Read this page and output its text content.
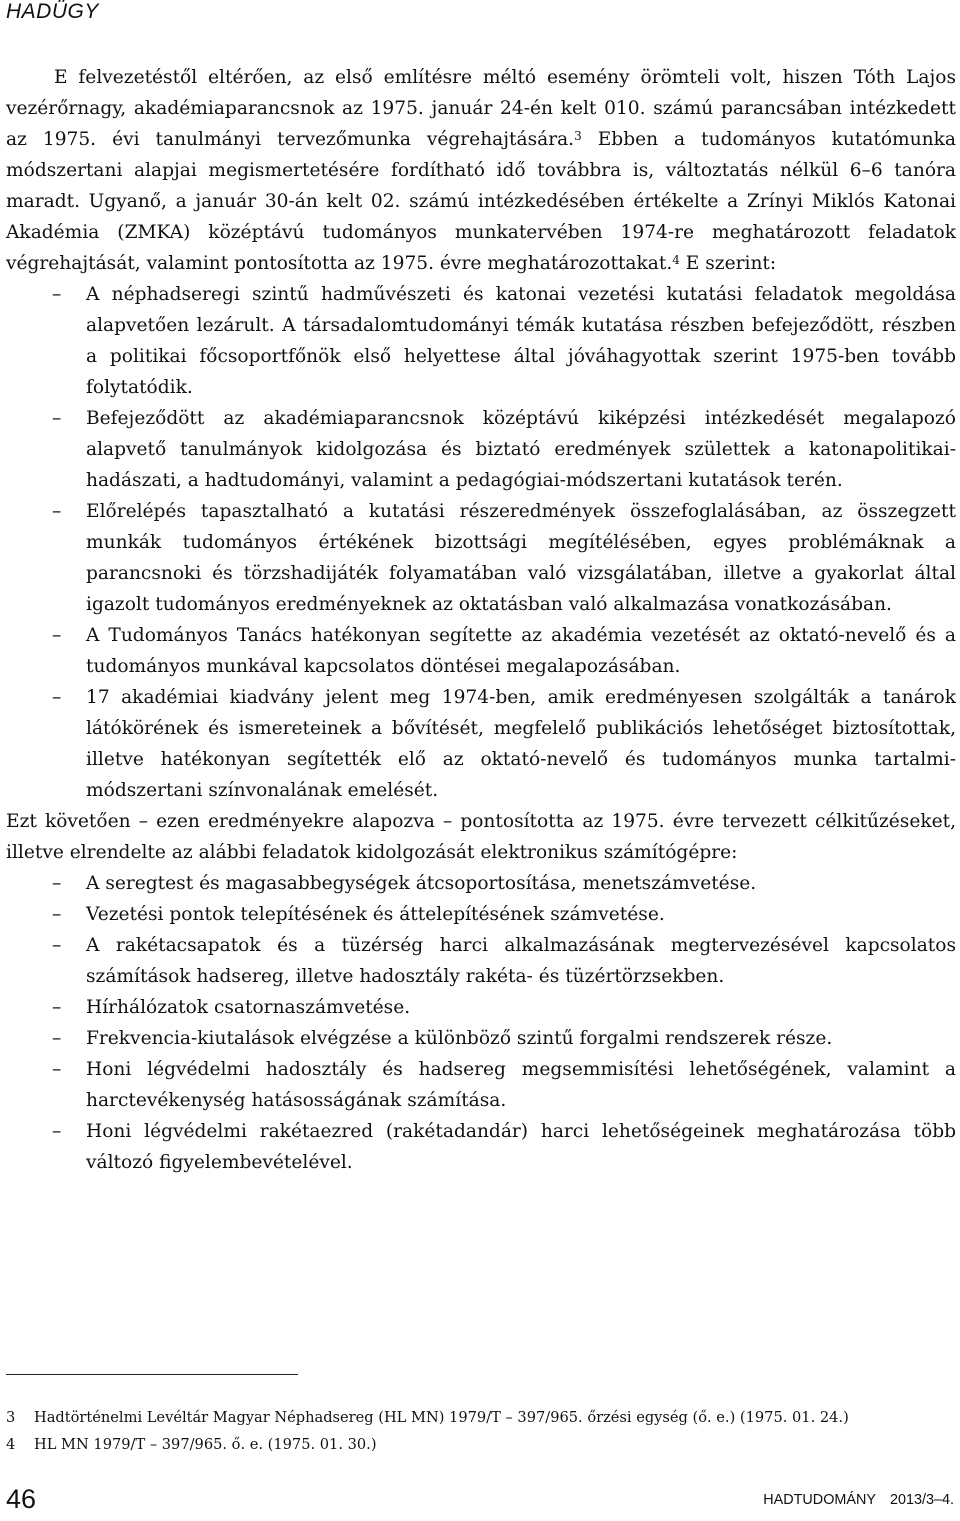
HADÜGY

E felvezetéstől eltérően, az első említésre méltó esemény örömteli volt, hiszen Tóth Lajos vezérőrnagy, akadémiaparancsnok az 1975. január 24-én kelt 010. számú parancsában intézkedett az 1975. évi tanulmányi tervezőmunka végrehajtására.$^3$ Ebben a tudományos kutatómunka módszertani alapjai megismertetésére fordítható idő továbbra is, változtatás nélkül 6–6 tanóra maradt. Ugyanő, a január 30-án kelt 02. számú intézkedésében értékelte a Zrínyi Miklós Katonai Akadémia (ZMKA) középtávú tudományos munkatervében 1974-re meghatározott feladatok végrehajtását, valamint pontosította az 1975. évre meghatározottakat.$^4$ E szerint:

– A néphadseregi szintű hadművészeti és katonai vezetési kutatási feladatok megoldása alapvetően lezárult. A társadalomtudományi témák kutatása részben befejeződött, részben a politikai főcsoportfőnök első helyettese által jóváhagyottak szerint 1975-ben tovább folytatódik.
– Befejeződött az akadémiaparancsnok középtávú kiképzési intézkedését megalapozó alapvető tanulmányok kidolgozása és biztató eredmények születtek a katonapolitikai-hadászati, a hadtudományi, valamint a pedagógiai-módszertani kutatások terén.
– Előrelépés tapasztalható a kutatási részeredmények összefoglalásában, az összegzett munkák tudományos értékének bizottsági megítélésében, egyes problémáknak a parancsnoki és törzshadijáték folyamatában való vizsgálatában, illetve a gyakorlat által igazolt tudományos eredményeknek az oktatásban való alkalmazása vonatkozásában.
– A Tudományos Tanács hatékonyan segítette az akadémia vezetését az oktató-nevelő és a tudományos munkával kapcsolatos döntései megalapozásában.
– 17 akadémiai kiadvány jelent meg 1974-ben, amik eredményesen szolgálták a tanárok látókörének és ismereteinek a bővítését, megfelelő publikációs lehetőséget biztosítottak, illetve hatékonyan segítették elő az oktató-nevelő és tudományos munka tartalmi-módszertani színvonalának emelését.

Ezt követően – ezen eredményekre alapozva – pontosította az 1975. évre tervezett célkitűzéseket, illetve elrendelte az alábbi feladatok kidolgozását elektronikus számítógépre:

– A seregtest és magasabbegységek átcsoportosítása, menetszámvetése.
– Vezetési pontok telepítésének és áttelepítésének számvetése.
– A rakétacsapatok és a tüzérség harci alkalmazásának megtervezésével kapcsolatos számítások hadsereg, illetve hadosztály rakéta- és tüzértörzsekben.
– Hírhálózatok csatornaszámvetése.
– Frekvencia-kiutalások elvégzése a különböző szintű forgalmi rendszerek része.
– Honi légvédelmi hadosztály és hadsereg megsemmisítési lehetőségének, valamint a harctevékenység hatásosságának számítása.
– Honi légvédelmi rakétaezred (rakétadandár) harci lehetőségeinek meghatározása több változó figyelembevételével.
3 Hadtörténelmi Levéltár Magyar Néphadsereg (HL MN) 1979/T – 397/965. őrzési egység (ő. e.) (1975. 01. 24.)
4 HL MN 1979/T – 397/965. ő. e. (1975. 01. 30.)
46	HADTUDOMÁNY 2013/3–4.
